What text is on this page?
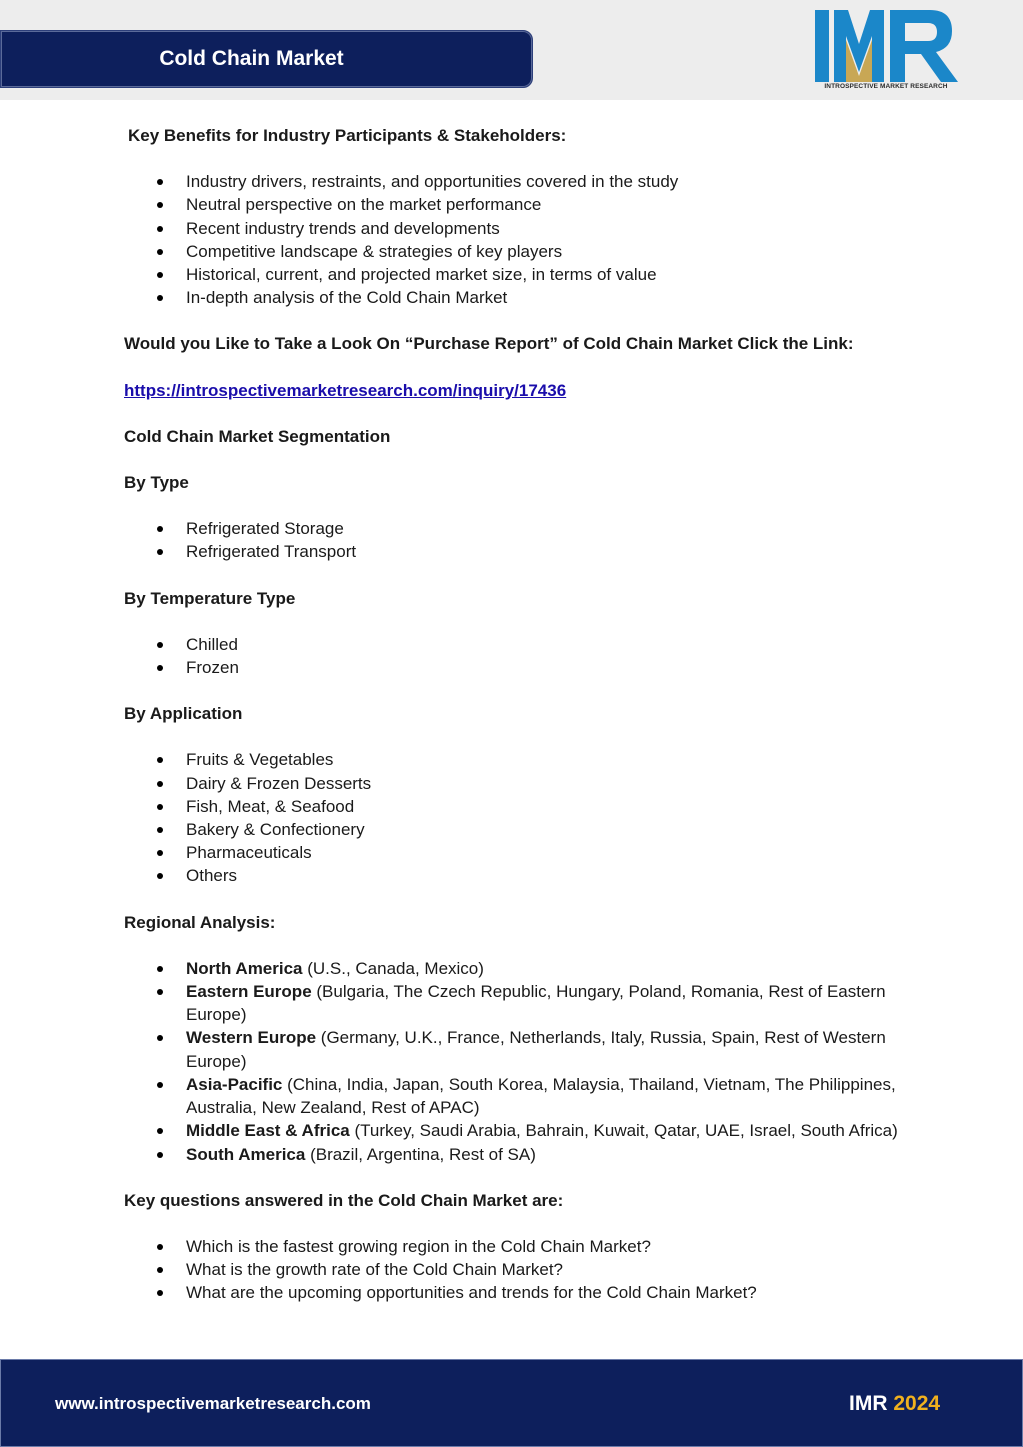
Cold Chain Market
INTROSPECTIVE MARKET RESEARCH

Key Benefits for Industry Participants & Stakeholders:

Industry drivers, restraints, and opportunities covered in the study
Neutral perspective on the market performance
Recent industry trends and developments
Competitive landscape & strategies of key players
Historical, current, and projected market size, in terms of value
In-depth analysis of the Cold Chain Market

Would you Like to Take a Look On “Purchase Report” of Cold Chain Market Click the Link:

https://introspectivemarketresearch.com/inquiry/17436

Cold Chain Market Segmentation

By Type

Refrigerated Storage
Refrigerated Transport

By Temperature Type

Chilled
Frozen

By Application

Fruits & Vegetables
Dairy & Frozen Desserts
Fish, Meat, & Seafood
Bakery & Confectionery
Pharmaceuticals
Others

Regional Analysis:

North America (U.S., Canada, Mexico)
Eastern Europe (Bulgaria, The Czech Republic, Hungary, Poland, Romania, Rest of Eastern Europe)
Western Europe (Germany, U.K., France, Netherlands, Italy, Russia, Spain, Rest of Western Europe)
Asia-Pacific (China, India, Japan, South Korea, Malaysia, Thailand, Vietnam, The Philippines, Australia, New Zealand, Rest of APAC)
Middle East & Africa (Turkey, Saudi Arabia, Bahrain, Kuwait, Qatar, UAE, Israel, South Africa)
South America (Brazil, Argentina, Rest of SA)

Key questions answered in the Cold Chain Market are:

Which is the fastest growing region in the Cold Chain Market?
What is the growth rate of the Cold Chain Market?
What are the upcoming opportunities and trends for the Cold Chain Market?
www.introspectivemarketresearch.com	IMR 2024
